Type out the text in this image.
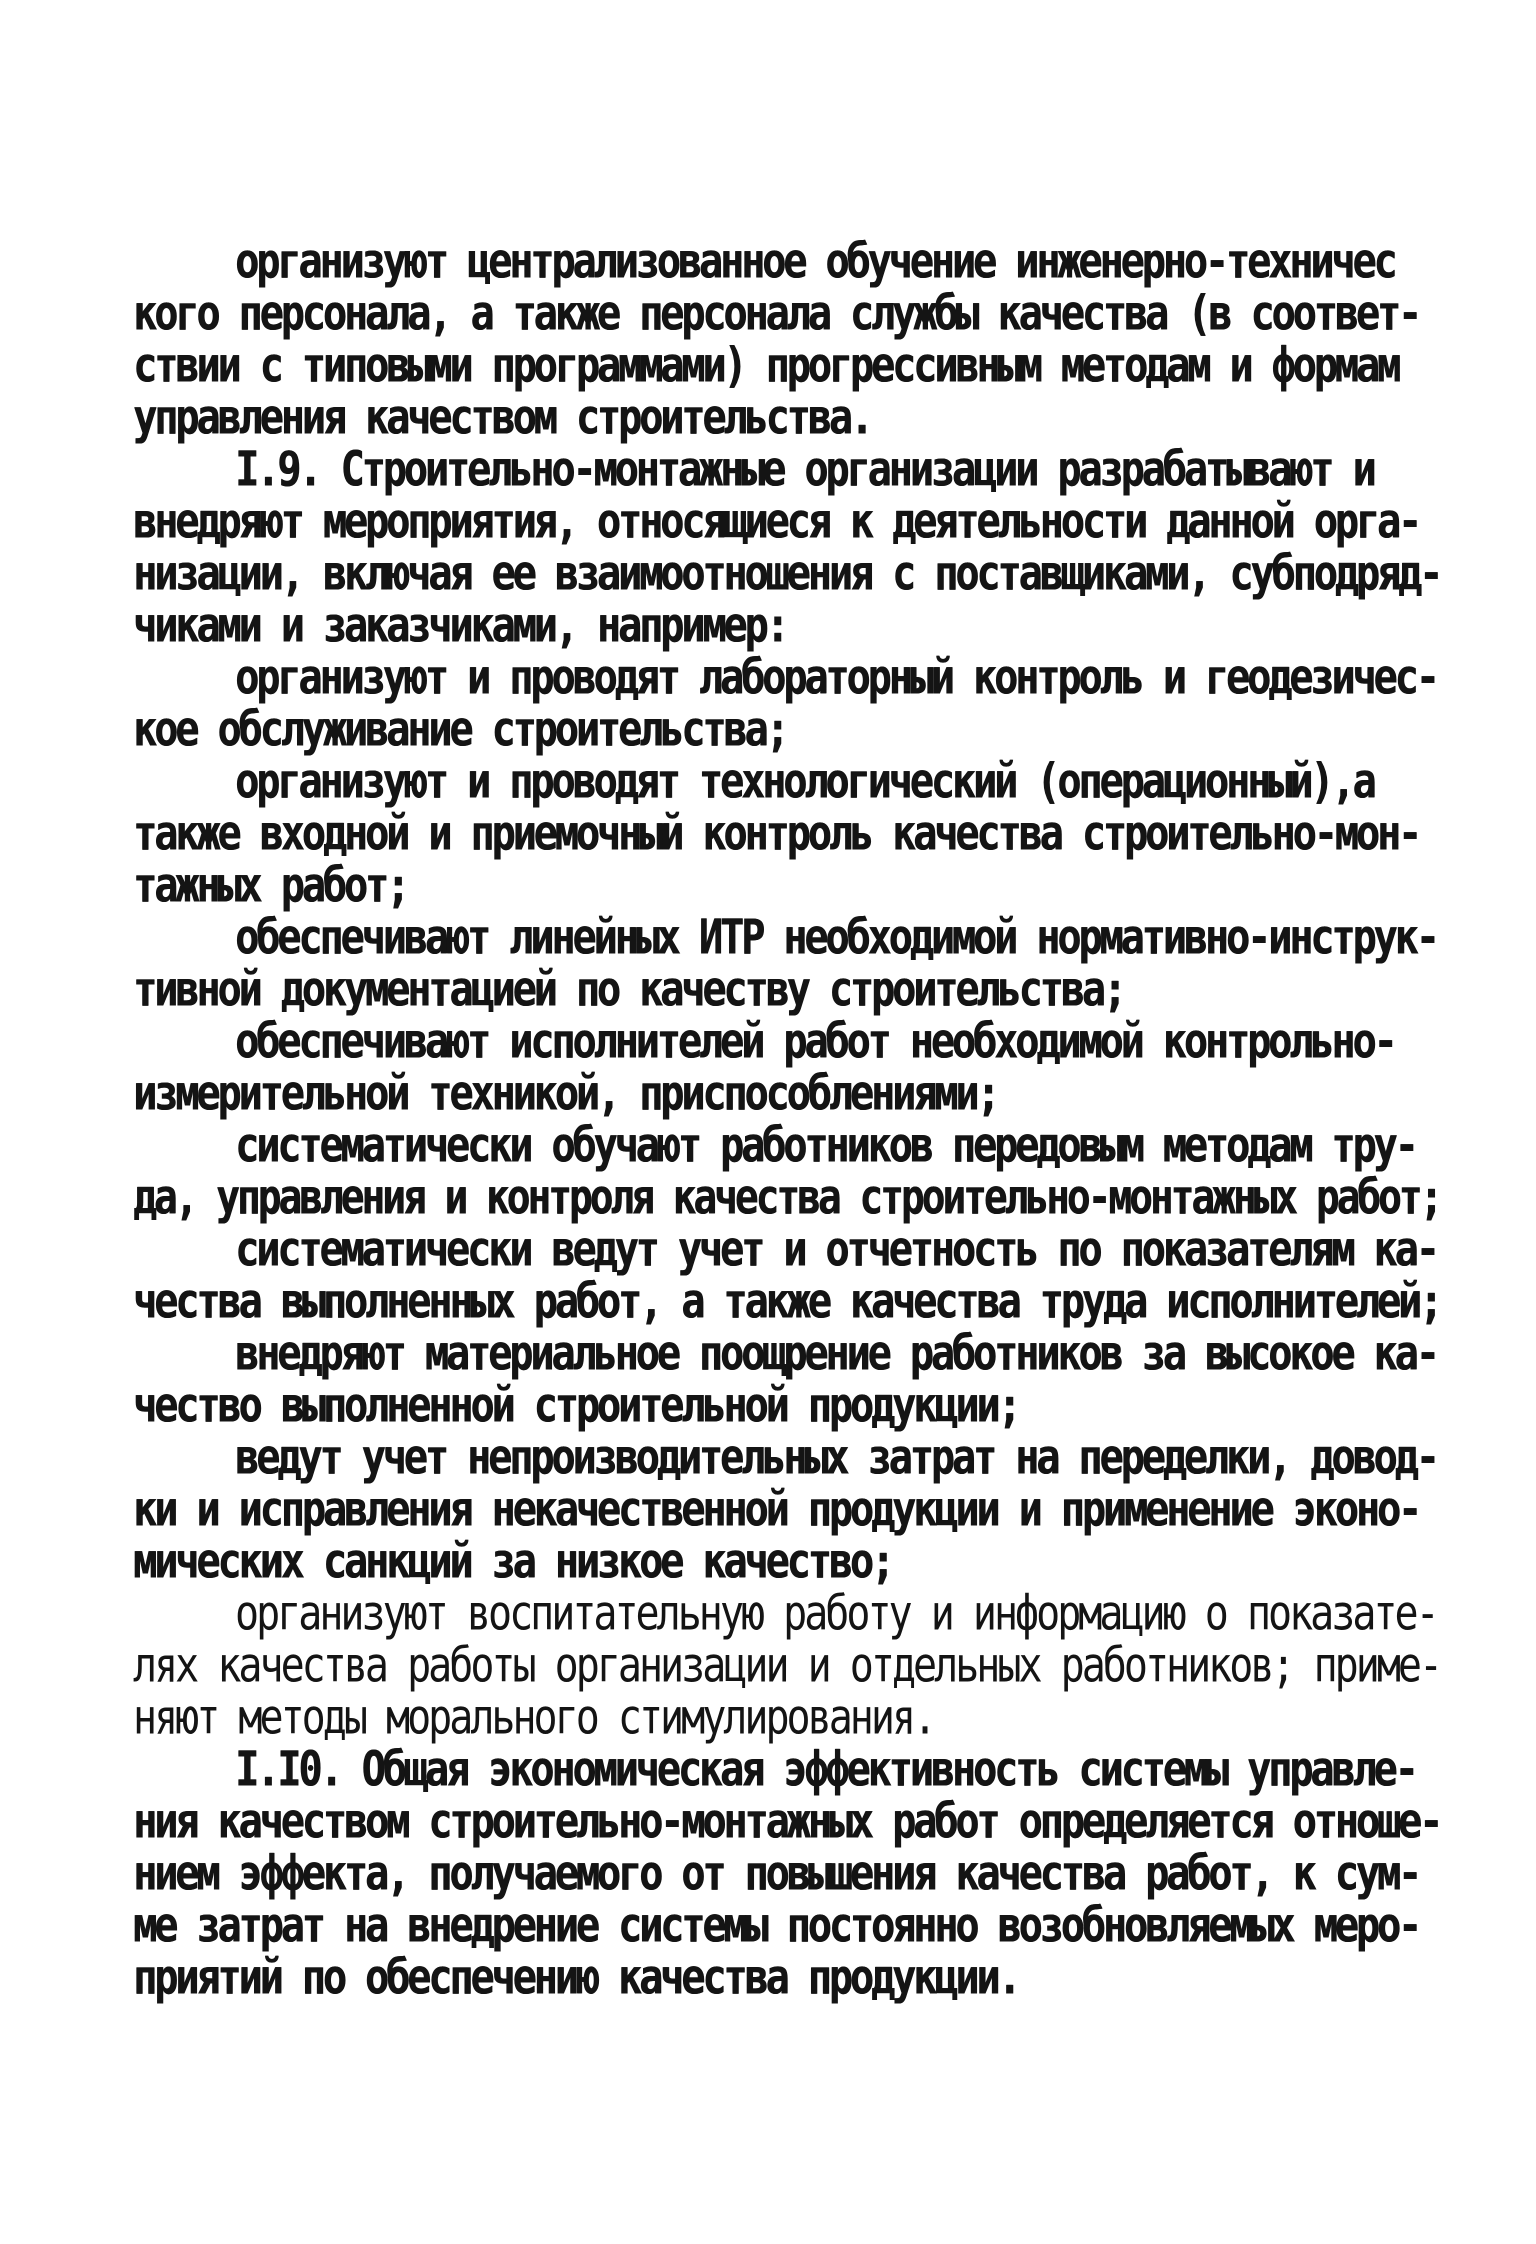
организуют централизованное обучение инженерно-техничес

кого персонала, а также персонала службы качества (в соответ-

ствии с типовыми программами) прогрессивным методам и формам

управления качеством строительства.

I.9. Строительно-монтажные организации разрабатывают и

внедряют мероприятия, относящиеся к деятельности данной орга-

низации, включая ее взаимоотношения с поставщиками, субподряд-

чиками и заказчиками, например:

организуют и проводят лабораторный контроль и геодезичес-

кое обслуживание строительства;

организуют и проводят технологический (операционный),а

также входной и приемочный контроль качества строительно-мон-

тажных работ;

обеспечивают линейных ИТР необходимой нормативно-инструк-

тивной документацией по качеству строительства;

обеспечивают исполнителей работ необходимой контрольно-

измерительной техникой, приспособлениями;

систематически обучают работников передовым методам тру-

да, управления и контроля качества строительно-монтажных работ;

систематически ведут учет и отчетность по показателям ка-

чества выполненных работ, а также качества труда исполнителей;

внедряют материальное поощрение работников за высокое ка-

чество выполненной строительной продукции;

ведут учет непроизводительных затрат на переделки, довод-

ки и исправления некачественной продукции и применение эконо-

мических санкций за низкое качество;

организуют воспитательную работу и информацию о показате-

лях качества работы организации и отдельных работников; приме-

няют методы морального стимулирования.

I.I0. Общая экономическая эффективность системы управле-

ния качеством строительно-монтажных работ определяется отноше-

нием эффекта, получаемого от повышения качества работ, к сум-

ме затрат на внедрение системы постоянно возобновляемых меро-

приятий по обеспечению качества продукции.
